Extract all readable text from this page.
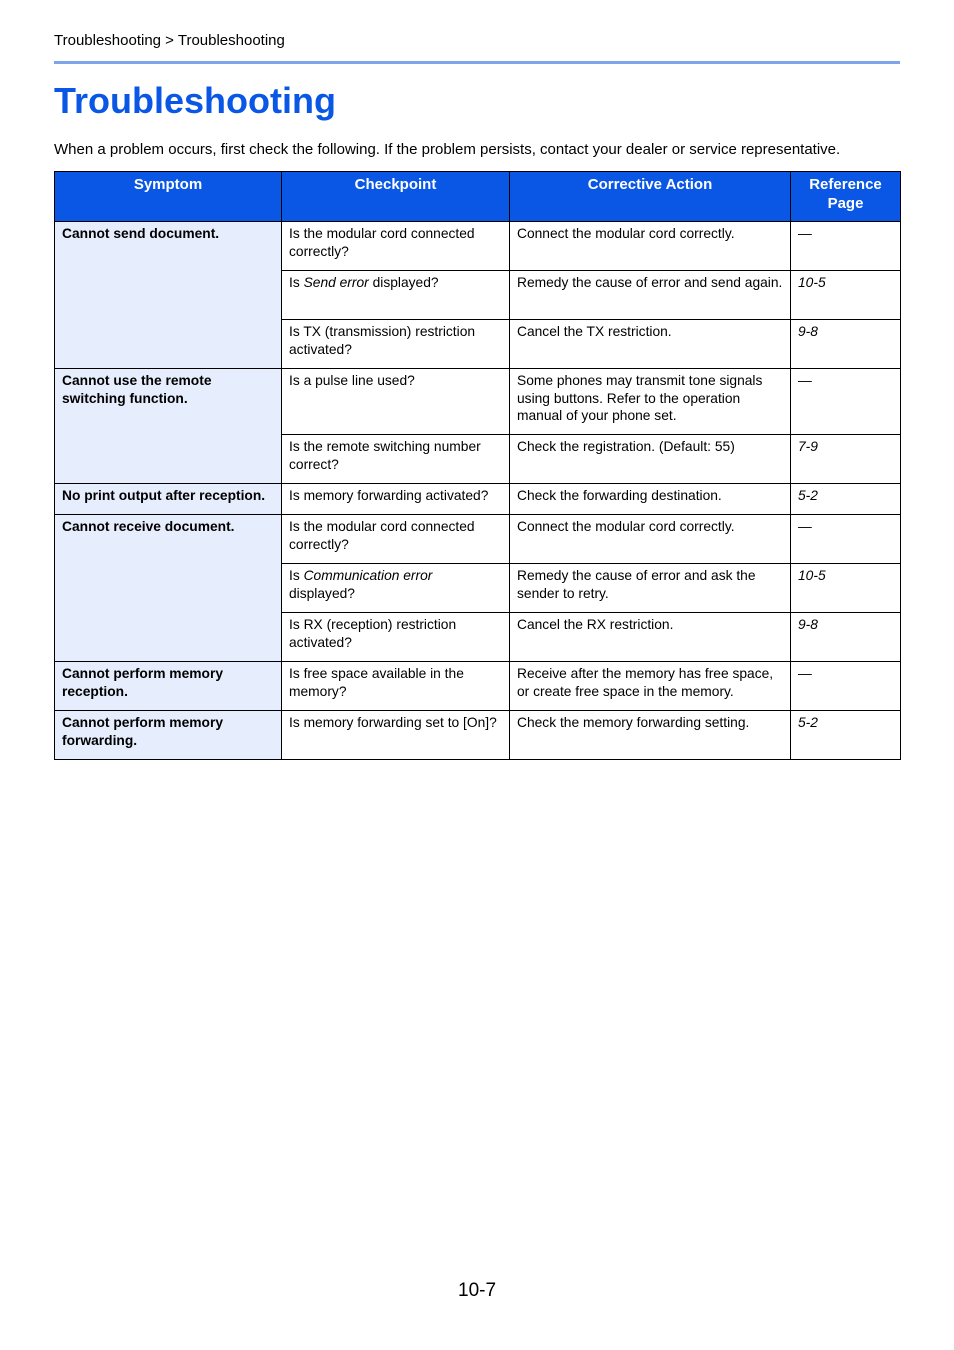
Troubleshooting > Troubleshooting
Troubleshooting

When a problem occurs, first check the following. If the problem persists, contact your dealer or service representative.

Symptom	Checkpoint	Corrective Action	Reference Page
Cannot send document.	Is the modular cord connected correctly?	Connect the modular cord correctly.	—
	Is Send error displayed?	Remedy the cause of error and send again.	10-5
	Is TX (transmission) restriction activated?	Cancel the TX restriction.	9-8
Cannot use the remote switching function.	Is a pulse line used?	Some phones may transmit tone signals using buttons. Refer to the operation manual of your phone set.	—
	Is the remote switching number correct?	Check the registration. (Default: 55)	7-9
No print output after reception.	Is memory forwarding activated?	Check the forwarding destination.	5-2
Cannot receive document.	Is the modular cord connected correctly?	Connect the modular cord correctly.	—
	Is Communication error displayed?	Remedy the cause of error and ask the sender to retry.	10-5
	Is RX (reception) restriction activated?	Cancel the RX restriction.	9-8
Cannot perform memory reception.	Is free space available in the memory?	Receive after the memory has free space, or create free space in the memory.	—
Cannot perform memory forwarding.	Is memory forwarding set to [On]?	Check the memory forwarding setting.	5-2
10-7
